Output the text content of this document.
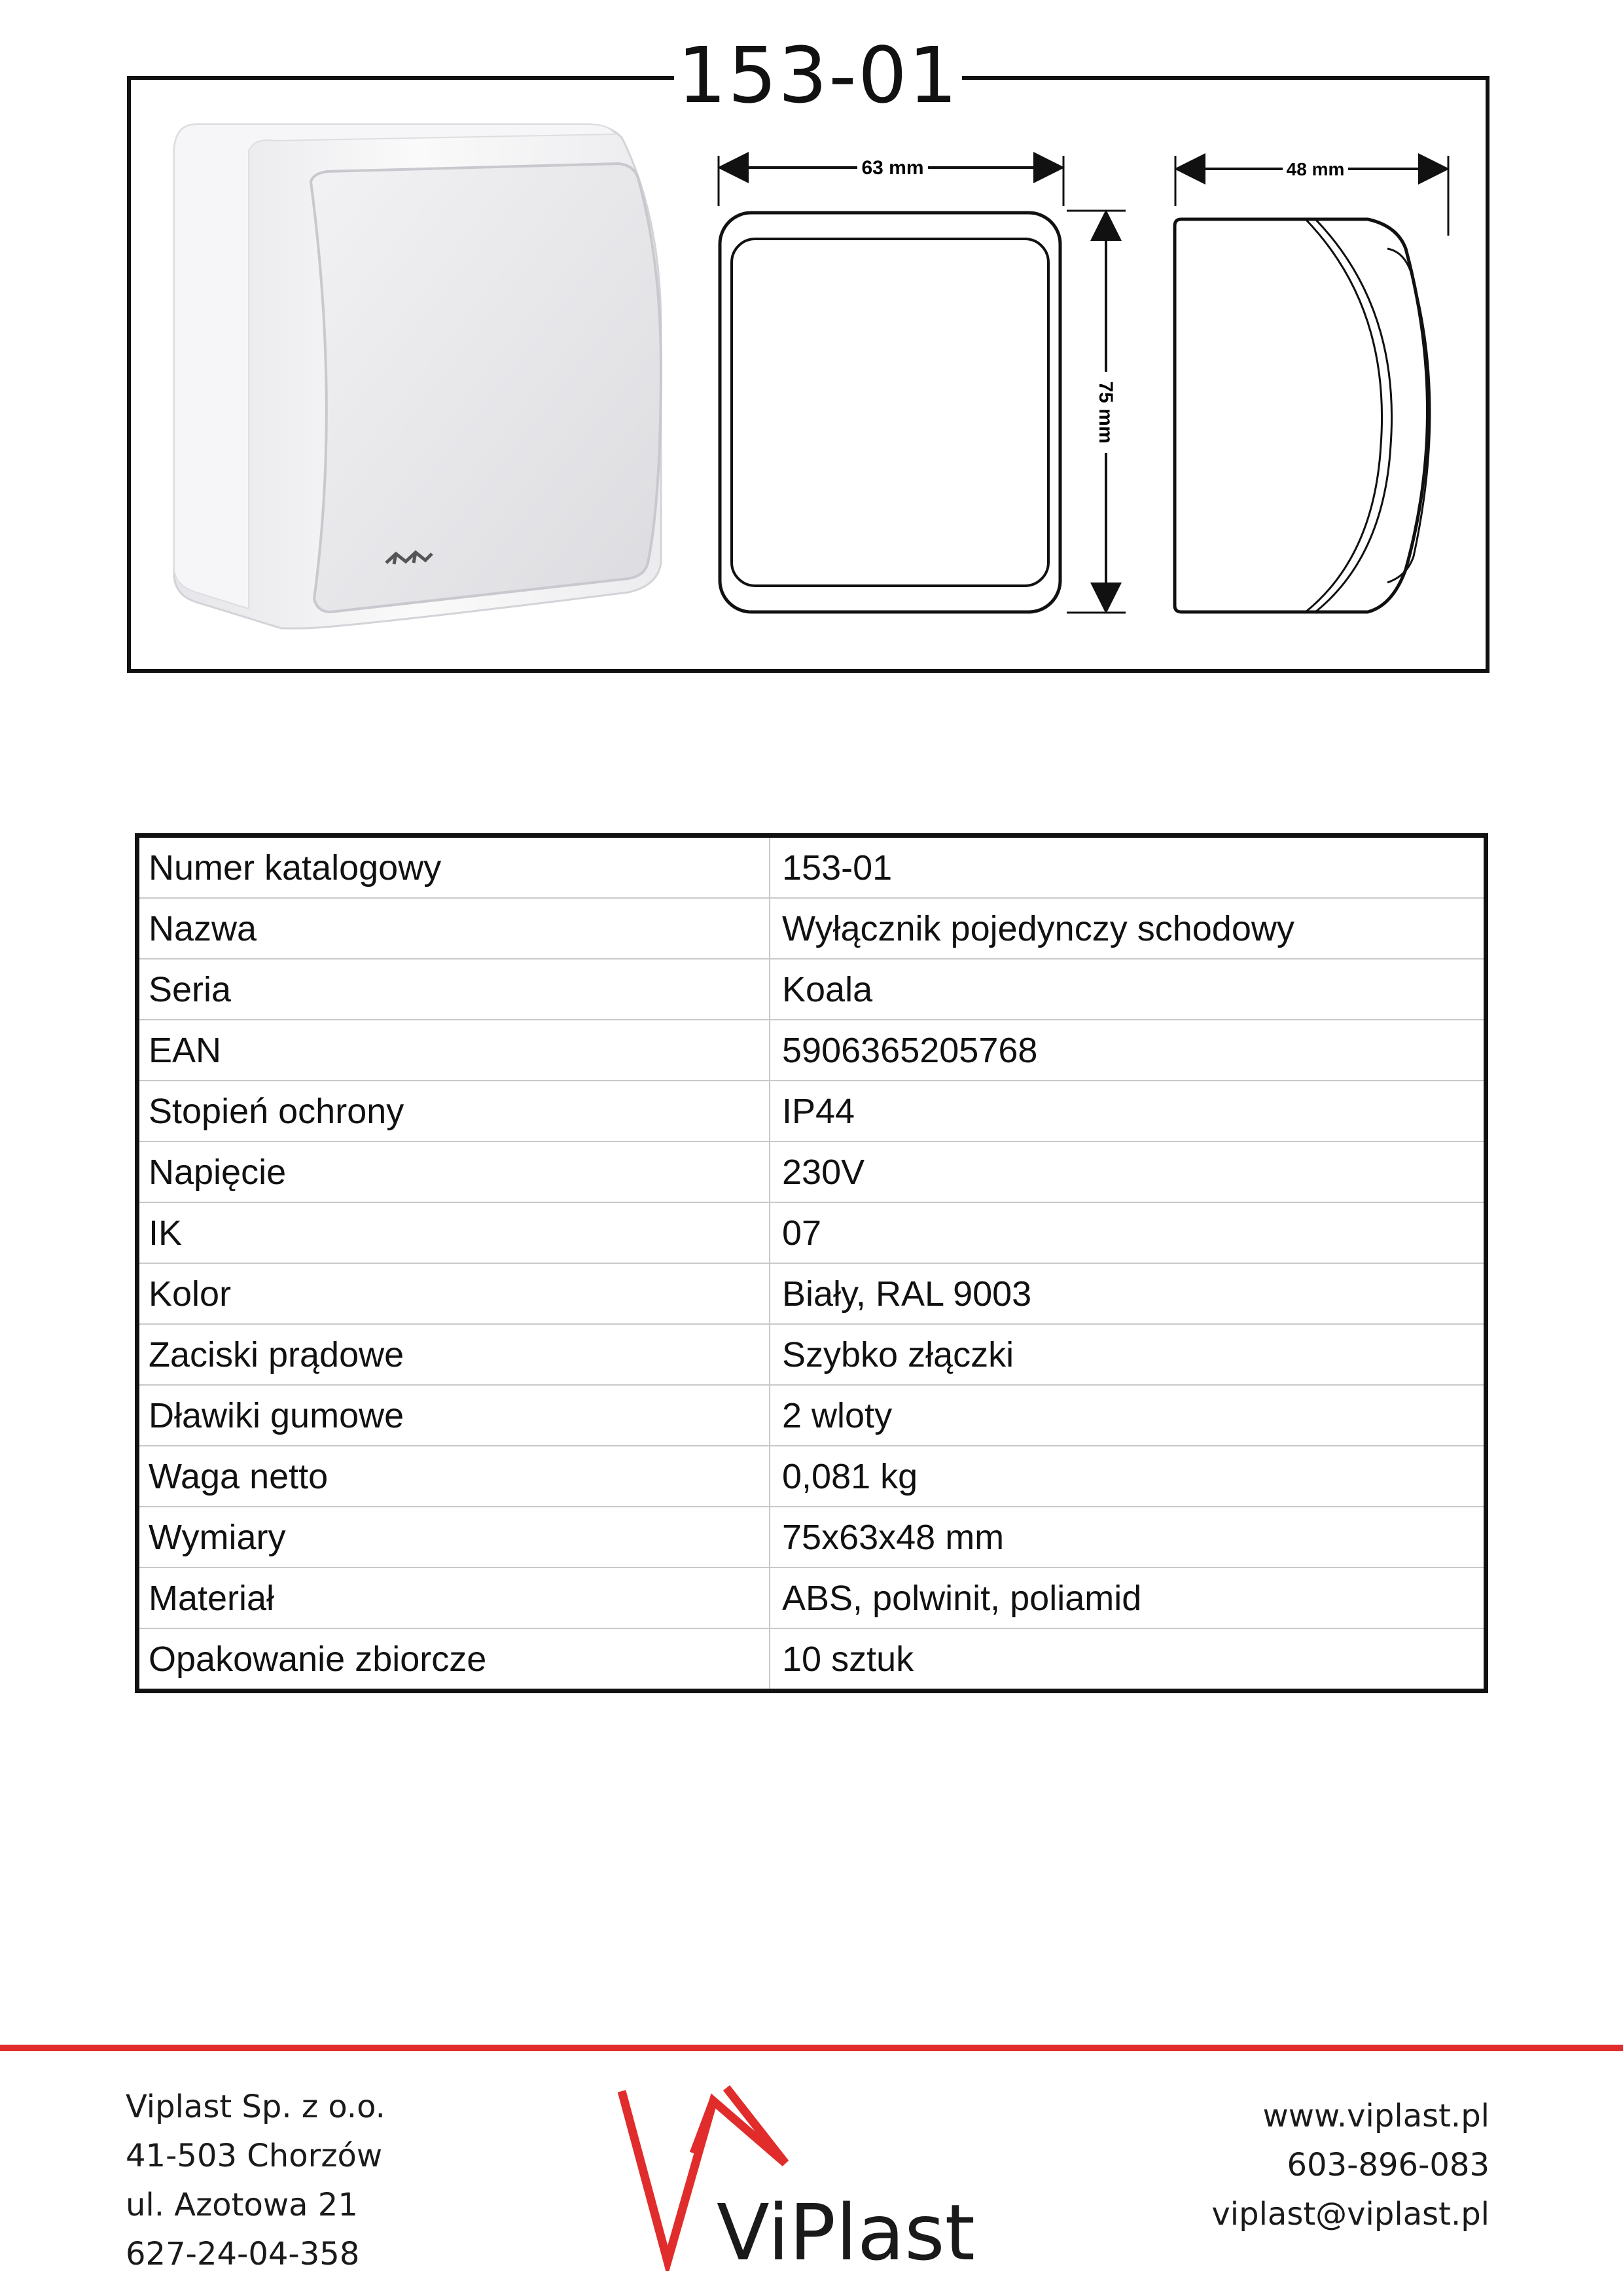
63 mm
75 mm
48 mm
153-01
Numer katalogowy	153-01
Nazwa	Wyłącznik pojedynczy schodowy
Seria	Koala
EAN	5906365205768
Stopień ochrony	IP44
Napięcie	230V
IK	07
Kolor	Biały, RAL 9003
Zaciski prądowe	Szybko złączki
Dławiki gumowe	2 wloty
Waga netto	0,081 kg
Wymiary	75x63x48 mm
Materiał	ABS, polwinit, poliamid
Opakowanie zbiorcze	10 sztuk
Viplast Sp. z o.o.
41-503 Chorzów
ul. Azotowa 21
627-24-04-358	ViPlast
www.viplast.pl
603-896-083
viplast@viplast.pl
